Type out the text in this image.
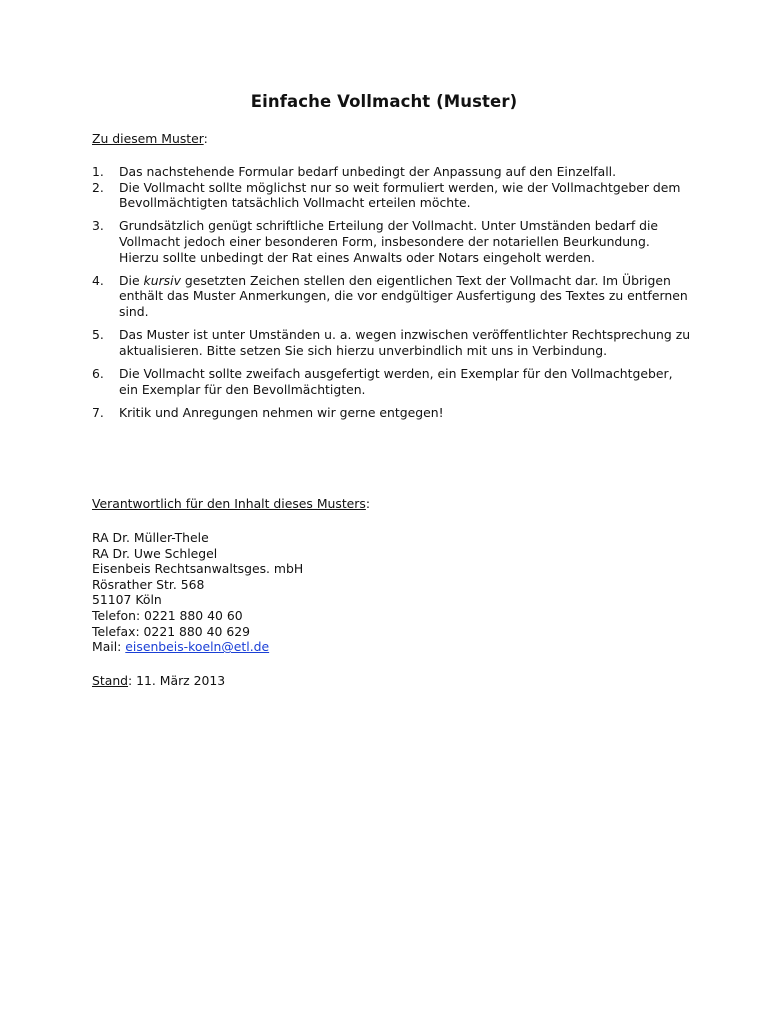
Einfache Vollmacht (Muster)
Zu diesem Muster:
1. Das nachstehende Formular bedarf unbedingt der Anpassung auf den Einzelfall.
2. Die Vollmacht sollte möglichst nur so weit formuliert werden, wie der Vollmachtgeber dem Bevollmächtigten tatsächlich Vollmacht erteilen möchte.
3. Grundsätzlich genügt schriftliche Erteilung der Vollmacht. Unter Umständen bedarf die Vollmacht jedoch einer besonderen Form, insbesondere der notariellen Beurkundung. Hierzu sollte unbedingt der Rat eines Anwalts oder Notars eingeholt werden.
4. Die kursiv gesetzten Zeichen stellen den eigentlichen Text der Vollmacht dar. Im Übrigen enthält das Muster Anmerkungen, die vor endgültiger Ausfertigung des Textes zu entfernen sind.
5. Das Muster ist unter Umständen u. a. wegen inzwischen veröffentlichter Rechtsprechung zu aktualisieren. Bitte setzen Sie sich hierzu unverbindlich mit uns in Verbindung.
6. Die Vollmacht sollte zweifach ausgefertigt werden, ein Exemplar für den Vollmachtgeber, ein Exemplar für den Bevollmächtigten.
7. Kritik und Anregungen nehmen wir gerne entgegen!
Verantwortlich für den Inhalt dieses Musters:
RA Dr. Müller-Thele
RA Dr. Uwe Schlegel
Eisenbeis Rechtsanwaltsges. mbH
Rösrather Str. 568
51107 Köln
Telefon: 0221 880 40 60
Telefax: 0221 880 40 629
Mail: eisenbeis-koeln@etl.de
Stand: 11. März 2013
